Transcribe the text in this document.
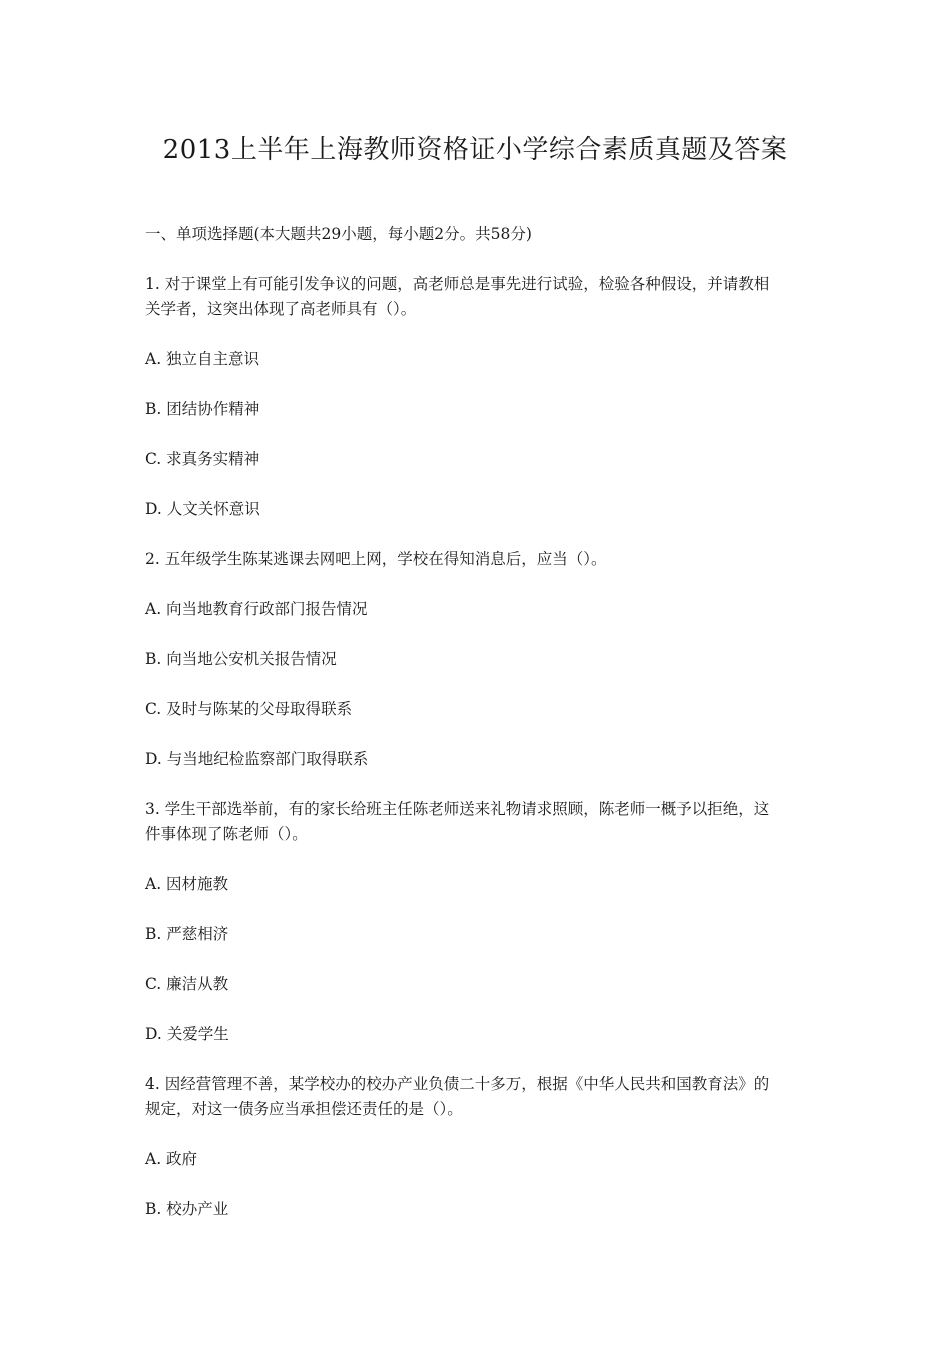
2013上半年上海教师资格证小学综合素质真题及答案

一、单项选择题(本大题共29小题，每小题2分。共58分)

1. 对于课堂上有可能引发争议的问题，高老师总是事先进行试验，检验各种假设，并请教相

关学者，这突出体现了高老师具有（）。

A. 独立自主意识

B. 团结协作精神

C. 求真务实精神

D. 人文关怀意识

2. 五年级学生陈某逃课去网吧上网，学校在得知消息后，应当（）。

A. 向当地教育行政部门报告情况

B. 向当地公安机关报告情况

C. 及时与陈某的父母取得联系

D. 与当地纪检监察部门取得联系

3. 学生干部选举前，有的家长给班主任陈老师送来礼物请求照顾，陈老师一概予以拒绝，这

件事体现了陈老师（）。

A. 因材施教

B. 严慈相济

C. 廉洁从教

D. 关爱学生

4. 因经营管理不善，某学校办的校办产业负债二十多万，根据《中华人民共和国教育法》的

规定，对这一债务应当承担偿还责任的是（）。

A. 政府

B. 校办产业
